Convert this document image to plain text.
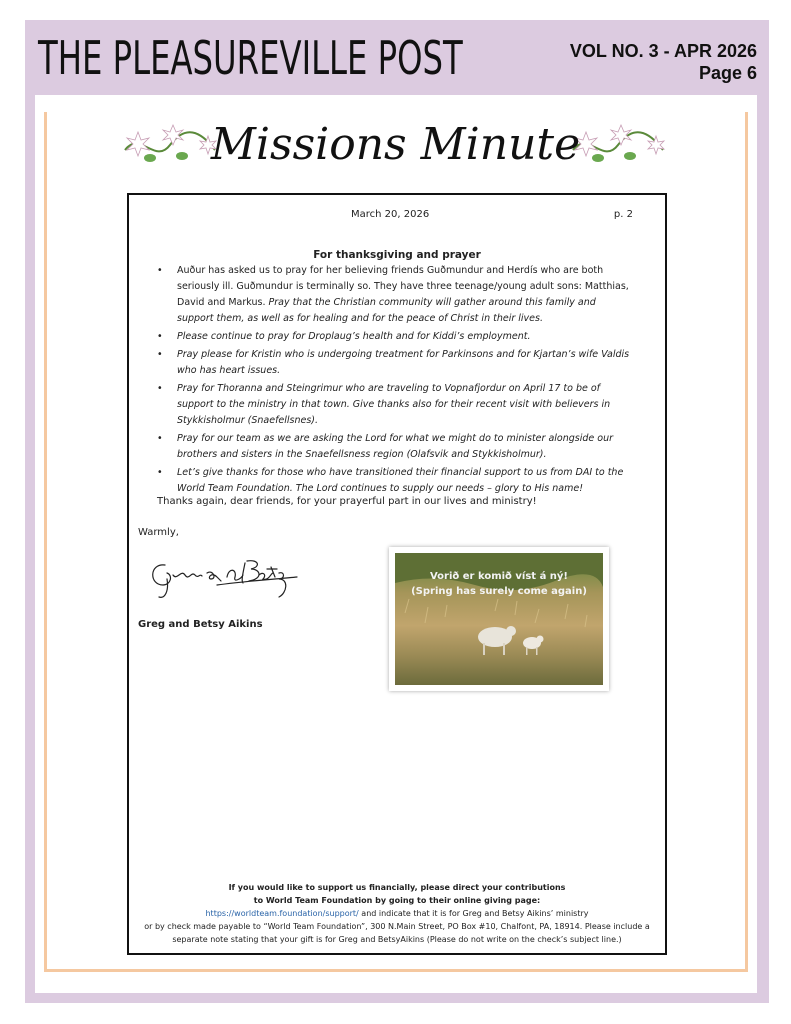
THE PLEASUREVILLE POST	VOL NO. 3 - APR 2026
Page 6
Missions Minute
March 20, 2026	p. 2
For thanksgiving and prayer
• Auður has asked us to pray for her believing friends Guðmundur and Herdís who are both seriously ill. Guðmundur is terminally so. They have three teenage/young adult sons: Matthias, David and Markus. Pray that the Christian community will gather around this family and support them, as well as for healing and for the peace of Christ in their lives.
• Please continue to pray for Droplaug’s health and for Kiddi’s employment.
• Pray please for Kristin who is undergoing treatment for Parkinsons and for Kjartan’s wife Valdis who has heart issues.
• Pray for Thoranna and Steingrimur who are traveling to Vopnafjordur on April 17 to be of support to the ministry in that town. Give thanks also for their recent visit with believers in Stykkisholmur (Snaefellsnes).
• Pray for our team as we are asking the Lord for what we might do to minister alongside our brothers and sisters in the Snaefellsness region (Olafsvik and Stykkisholmur).
• Let’s give thanks for those who have transitioned their financial support to us from DAI to the World Team Foundation. The Lord continues to supply our needs – glory to His name!
Thanks again, dear friends, for your prayerful part in our lives and ministry!
Warmly,
Greg and Betsy Aikins
Vorið er komið víst á ný!
(Spring has surely come again)
If you would like to support us financially, please direct your contributions
to World Team Foundation by going to their online giving page:
https://worldteam.foundation/support/ and indicate that it is for Greg and Betsy Aikins’ ministry
or by check made payable to “World Team Foundation”, 300 N.Main Street, PO Box #10, Chalfont, PA, 18914. Please include a
separate note stating that your gift is for Greg and BetsyAikins (Please do not write on the check’s subject line.)
